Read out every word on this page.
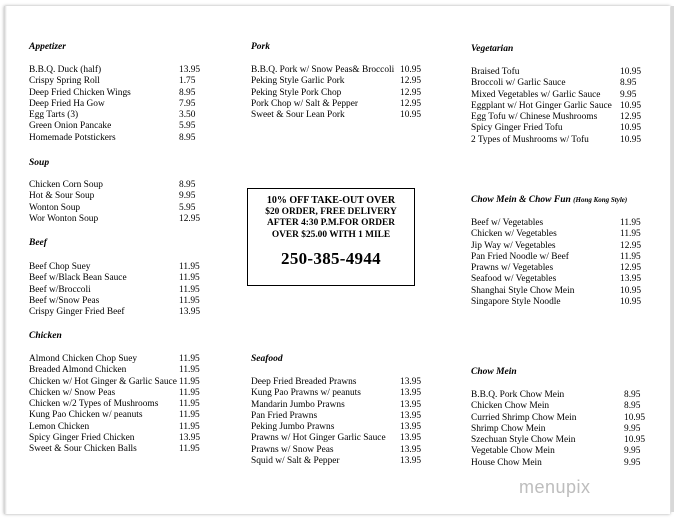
Appetizer
B.B.Q. Duck (half)	13.95
Crispy Spring Roll	1.75
Deep Fried Chicken Wings	8.95
Deep Fried Ha Gow	7.95
Egg Tarts (3)	3.50
Green Onion Pancake	5.95
Homemade Potstickers	8.95
Soup
Chicken Corn Soup	8.95
Hot & Sour Soup	9.95
Wonton Soup	5.95
Wor Wonton Soup	12.95
Beef
Beef Chop Suey	11.95
Beef w/Black Bean Sauce	11.95
Beef w/Broccoli	11.95
Beef w/Snow Peas	11.95
Crispy Ginger Fried Beef	13.95
Chicken
Almond Chicken Chop Suey	11.95
Breaded Almond Chicken	11.95
Chicken w/ Hot Ginger & Garlic Sauce 11.95
Chicken w/ Snow Peas	11.95
Chicken w/2 Types of Mushrooms 11.95
Kung Pao Chicken w/ peanuts	11.95
Lemon Chicken	11.95
Spicy Ginger Fried Chicken	13.95
Sweet & Sour Chicken Balls	11.95
Pork
B.B.Q. Pork w/ Snow Peas& Broccoli 10.95
Peking Style Garlic Pork	12.95
Peking Style Pork Chop	12.95
Pork Chop w/ Salt & Pepper	12.95
Sweet & Sour Lean Pork	10.95
10% OFF TAKE-OUT OVER
$20 ORDER, FREE DELIVERY
AFTER 4:30 P.M.FOR ORDER
OVER $25.00 WITH 1 MILE
250-385-4944
Seafood
Deep Fried Breaded Prawns	13.95
Kung Pao Prawns w/ peanuts	13.95
Mandarin Jumbo Prawns	13.95
Pan Fried Prawns	13.95
Peking Jumbo Prawns	13.95
Prawns w/ Hot Ginger Garlic Sauce 13.95
Prawns w/ Snow Peas	13.95
Squid w/ Salt & Pepper	13.95
Vegetarian
Braised Tofu	10.95
Broccoli w/ Garlic Sauce	8.95
Mixed Vegetables w/ Garlic Sauce 9.95
Eggplant w/ Hot Ginger Garlic Sauce 10.95
Egg Tofu w/ Chinese Mushrooms 12.95
Spicy Ginger Fried Tofu	10.95
2 Types of Mushrooms w/ Tofu	10.95
Chow Mein & Chow Fun (Hong Kong Style)
Beef w/ Vegetables	11.95
Chicken w/ Vegetables	11.95
Jip Way w/ Vegetables	12.95
Pan Fried Noodle w/ Beef	11.95
Prawns w/ Vegetables	12.95
Seafood w/ Vegetables	13.95
Shanghai Style Chow Mein	10.95
Singapore Style Noodle	10.95
Chow Mein
B.B.Q. Pork Chow Mein	8.95
Chicken Chow Mein	8.95
Curried Shrimp Chow Mein	10.95
Shrimp Chow Mein	9.95
Szechuan Style Chow Mein	10.95
Vegetable Chow Mein	9.95
House Chow Mein	9.95
menupix
